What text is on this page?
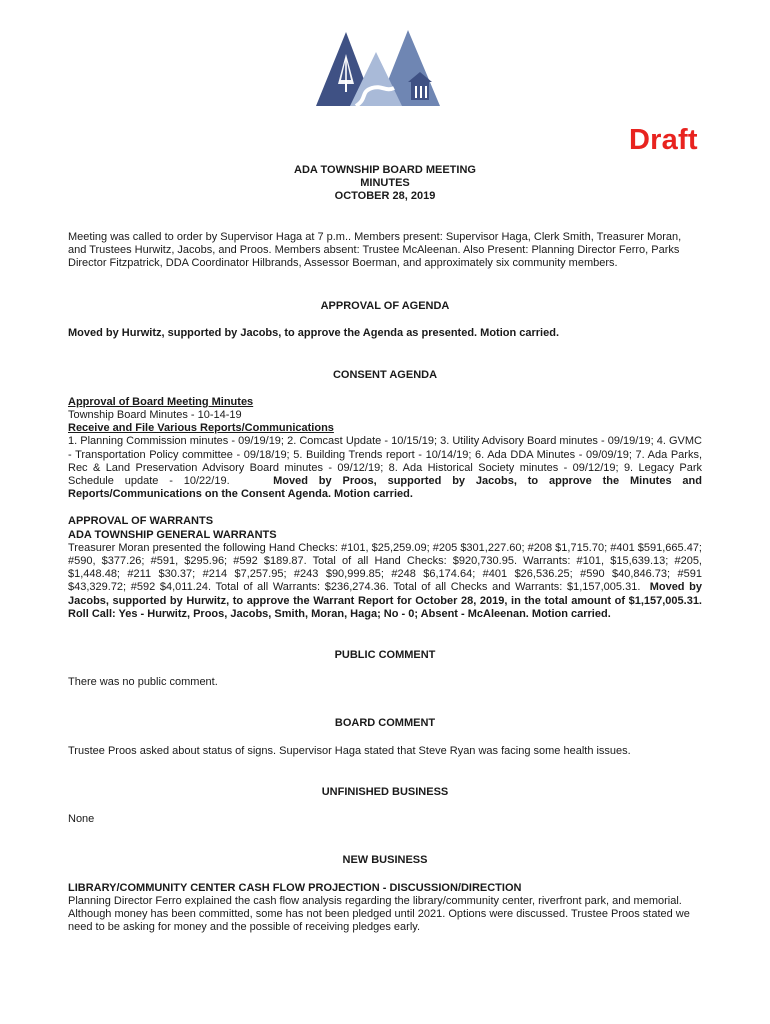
Draft
ADA TOWNSHIP BOARD MEETING
MINUTES
OCTOBER 28, 2019

Meeting was called to order by Supervisor Haga at 7 p.m.. Members present: Supervisor Haga, Clerk Smith, Treasurer Moran, and Trustees Hurwitz, Jacobs, and Proos. Members absent: Trustee McAleenan. Also Present: Planning Director Ferro, Parks Director Fitzpatrick, DDA Coordinator Hilbrands, Assessor Boerman, and approximately six community members.

APPROVAL OF AGENDA

Moved by Hurwitz, supported by Jacobs, to approve the Agenda as presented. Motion carried.

CONSENT AGENDA

Approval of Board Meeting Minutes

Township Board Minutes - 10-14-19

Receive and File Various Reports/Communications

1. Planning Commission minutes - 09/19/19; 2. Comcast Update - 10/15/19; 3. Utility Advisory Board minutes - 09/19/19; 4. GVMC - Transportation Policy committee - 09/18/19; 5. Building Trends report - 10/14/19; 6. Ada DDA Minutes - 09/09/19; 7. Ada Parks, Rec & Land Preservation Advisory Board minutes - 09/12/19; 8. Ada Historical Society minutes - 09/12/19; 9. Legacy Park Schedule update - 10/22/19.	Moved by Proos, supported by Jacobs, to approve the Minutes and Reports/Communications on the Consent Agenda. Motion carried.

APPROVAL OF WARRANTS

ADA TOWNSHIP GENERAL WARRANTS

Treasurer Moran presented the following Hand Checks: #101, $25,259.09; #205 $301,227.60; #208 $1,715.70; #401 $591,665.47; #590, $377.26; #591, $295.96; #592 $189.87. Total of all Hand Checks: $920,730.95. Warrants: #101, $15,639.13; #205, $1,448.48; #211 $30.37; #214 $7,257.95; #243 $90,999.85; #248 $6,174.64; #401 $26,536.25; #590 $40,846.73; #591 $43,329.72; #592 $4,011.24. Total of all Warrants: $236,274.36. Total of all Checks and Warrants: $1,157,005.31. Moved by Jacobs, supported by Hurwitz, to approve the Warrant Report for October 28, 2019, in the total amount of $1,157,005.31. Roll Call: Yes - Hurwitz, Proos, Jacobs, Smith, Moran, Haga; No - 0; Absent - McAleenan. Motion carried.

PUBLIC COMMENT

There was no public comment.

BOARD COMMENT

Trustee Proos asked about status of signs. Supervisor Haga stated that Steve Ryan was facing some health issues.

UNFINISHED BUSINESS

None

NEW BUSINESS

LIBRARY/COMMUNITY CENTER CASH FLOW PROJECTION - DISCUSSION/DIRECTION

Planning Director Ferro explained the cash flow analysis regarding the library/community center, riverfront park, and memorial. Although money has been committed, some has not been pledged until 2021. Options were discussed. Trustee Proos stated we need to be asking for money and the possible of receiving pledges early.
